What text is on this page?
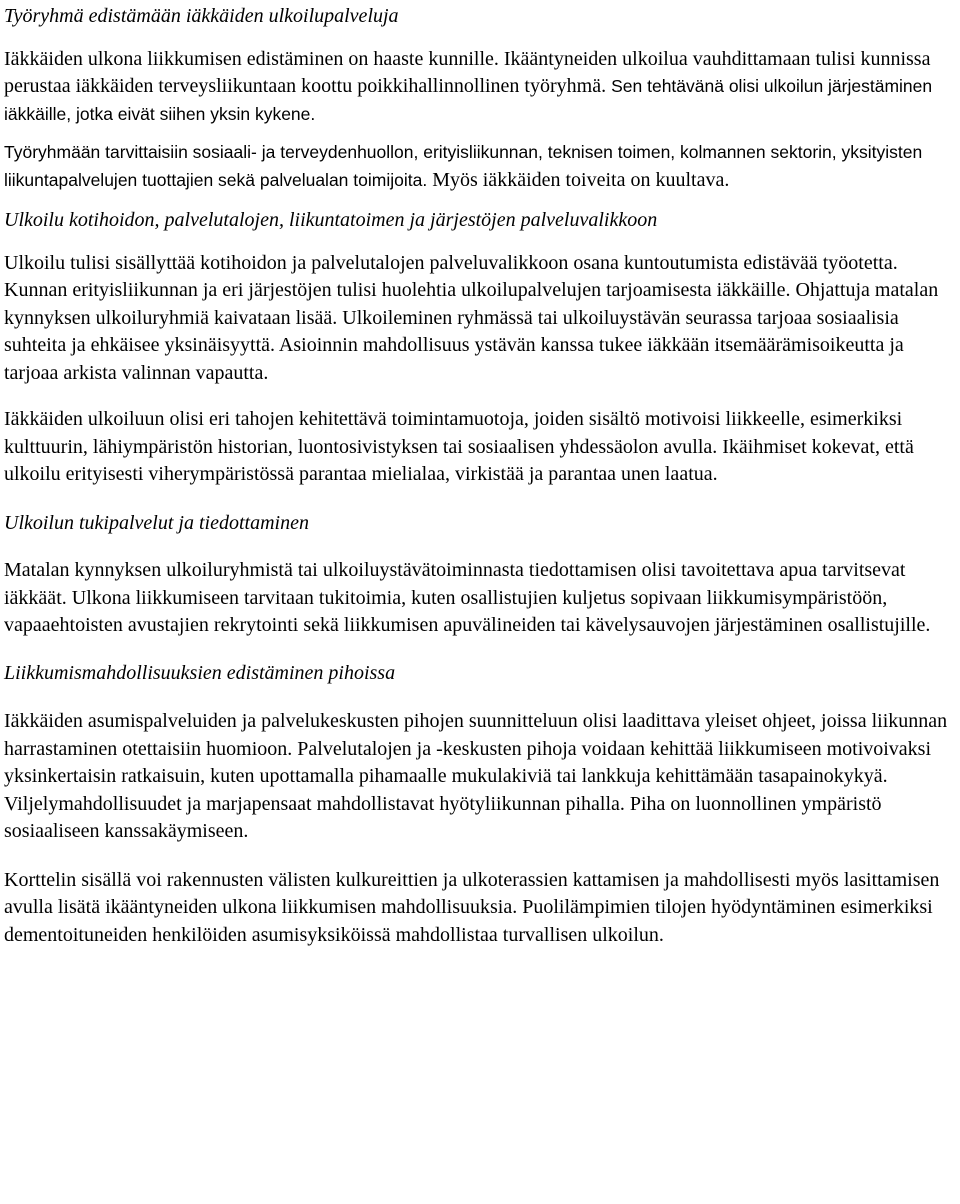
Työryhmä edistämään iäkkäiden ulkoilupalveluja

Iäkkäiden ulkona liikkumisen edistäminen on haaste kunnille. Ikääntyneiden ulkoilua vauhdittamaan tulisi kunnissa perustaa iäkkäiden terveysliikuntaan koottu poikkihallinnollinen työryhmä. Sen tehtävänä olisi ulkoilun järjestäminen iäkkäille, jotka eivät siihen yksin kykene.

Työryhmään tarvittaisiin sosiaali- ja terveydenhuollon, erityisliikunnan, teknisen toimen, kolmannen sektorin, yksityisten liikuntapalvelujen tuottajien sekä palvelualan toimijoita. Myös iäkkäiden toiveita on kuultava.

Ulkoilu kotihoidon, palvelutalojen, liikuntatoimen ja järjestöjen palveluvalikkoon

Ulkoilu tulisi sisällyttää kotihoidon ja palvelutalojen palveluvalikkoon osana kuntoutumista edistävää työotetta. Kunnan erityisliikunnan ja eri järjestöjen tulisi huolehtia ulkoilupalvelujen tarjoamisesta iäkkäille. Ohjattuja matalan kynnyksen ulkoiluryhmiä kaivataan lisää. Ulkoileminen ryhmässä tai ulkoiluystävän seurassa tarjoaa sosiaalisia suhteita ja ehkäisee yksinäisyyttä. Asioinnin mahdollisuus ystävän kanssa tukee iäkkään itsemäärämisoikeutta ja tarjoaa arkista valinnan vapautta.

Iäkkäiden ulkoiluun olisi eri tahojen kehitettävä toimintamuotoja, joiden sisältö motivoisi liikkeelle, esimerkiksi kulttuurin, lähiympäristön historian, luontosivistyksen tai sosiaalisen yhdessäolon avulla. Ikäihmiset kokevat, että ulkoilu erityisesti viherympäristössä parantaa mielialaa, virkistää ja parantaa unen laatua.

Ulkoilun tukipalvelut ja tiedottaminen

Matalan kynnyksen ulkoiluryhmistä tai ulkoiluystävätoiminnasta tiedottamisen olisi tavoitettava apua tarvitsevat iäkkäät. Ulkona liikkumiseen tarvitaan tukitoimia, kuten osallistujien kuljetus sopivaan liikkumisympäristöön, vapaaehtoisten avustajien rekrytointi sekä liikkumisen apuvälineiden tai kävelysauvojen järjestäminen osallistujille.

Liikkumismahdollisuuksien edistäminen pihoissa

Iäkkäiden asumispalveluiden ja palvelukeskusten pihojen suunnitteluun olisi laadittava yleiset ohjeet, joissa liikunnan harrastaminen otettaisiin huomioon. Palvelutalojen ja -keskusten pihoja voidaan kehittää liikkumiseen motivoivaksi yksinkertaisin ratkaisuin, kuten upottamalla pihamaalle mukulakiviä tai lankkuja kehittämään tasapainokykyä. Viljelymahdollisuudet ja marjapensaat mahdollistavat hyötyliikunnan pihalla. Piha on luonnollinen ympäristö sosiaaliseen kanssakäymiseen.

Korttelin sisällä voi rakennusten välisten kulkureittien ja ulkoterassien kattamisen ja mahdollisesti myös lasittamisen avulla lisätä ikääntyneiden ulkona liikkumisen mahdollisuuksia. Puolilämpimien tilojen hyödyntäminen esimerkiksi dementoituneiden henkilöiden asumisyksiköissä mahdollistaa turvallisen ulkoilun.
